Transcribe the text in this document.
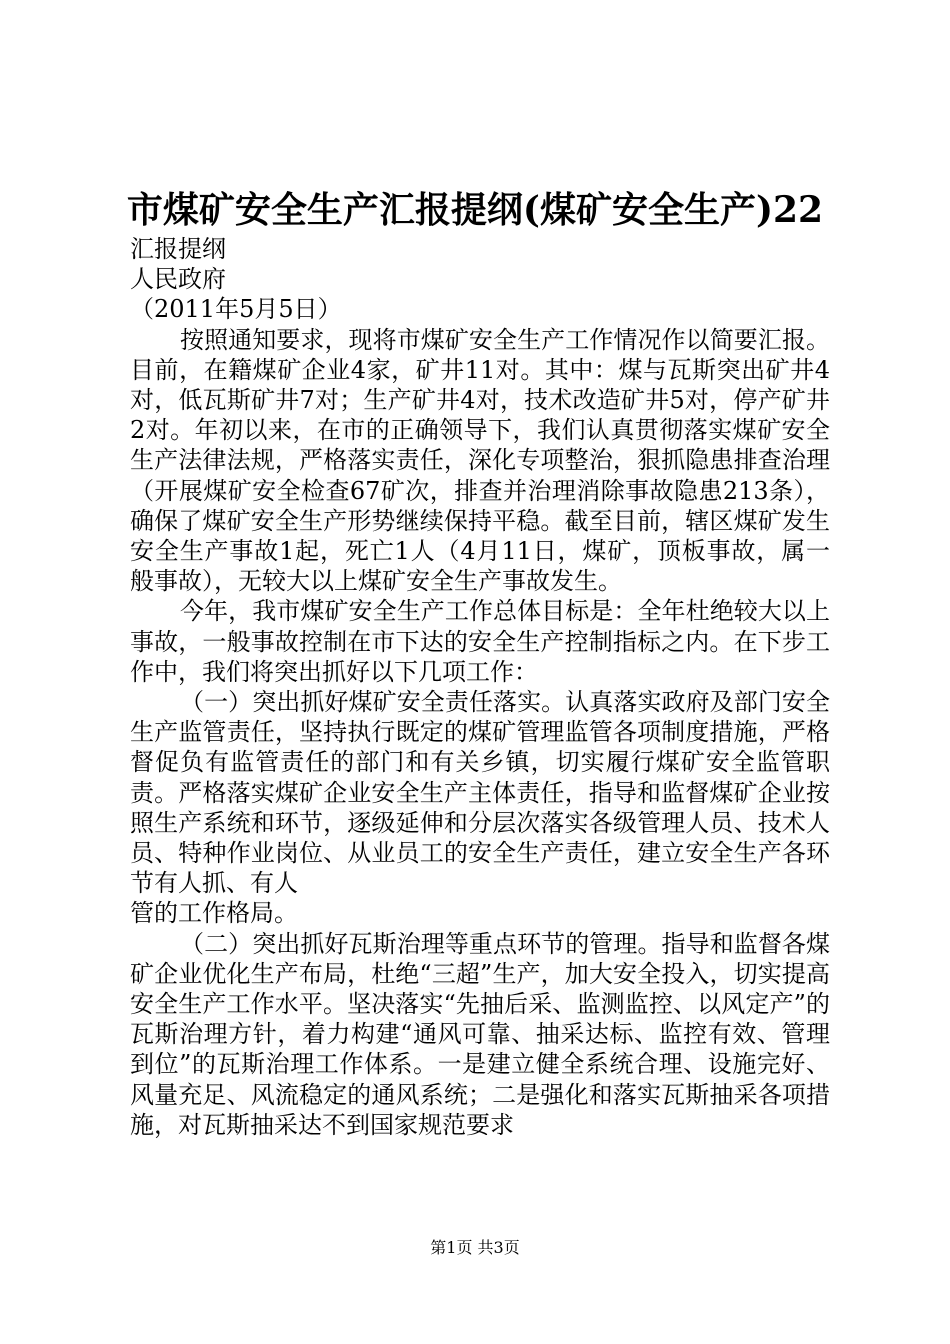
市煤矿安全生产汇报提纲(煤矿安全生产)22

汇报提纲

人民政府

（2011年5月5日）

按照通知要求，现将市煤矿安全生产工作情况作以简要汇报。目前，在籍煤矿企业4家，矿井11对。其中：煤与瓦斯突出矿井4对，低瓦斯矿井7对；生产矿井4对，技术改造矿井5对，停产矿井2对。年初以来，在市的正确领导下，我们认真贯彻落实煤矿安全生产法律法规，严格落实责任，深化专项整治，狠抓隐患排查治理（开展煤矿安全检查67矿次，排查并治理消除事故隐患213条），确保了煤矿安全生产形势继续保持平稳。截至目前，辖区煤矿发生安全生产事故1起，死亡1人（4月11日，煤矿，顶板事故，属一般事故），无较大以上煤矿安全生产事故发生。

今年，我市煤矿安全生产工作总体目标是：全年杜绝较大以上事故，一般事故控制在市下达的安全生产控制指标之内。在下步工作中，我们将突出抓好以下几项工作：

（一）突出抓好煤矿安全责任落实。认真落实政府及部门安全生产监管责任，坚持执行既定的煤矿管理监管各项制度措施，严格督促负有监管责任的部门和有关乡镇，切实履行煤矿安全监管职责。严格落实煤矿企业安全生产主体责任，指导和监督煤矿企业按照生产系统和环节，逐级延伸和分层次落实各级管理人员、技术人员、特种作业岗位、从业员工的安全生产责任，建立安全生产各环节有人抓、有人

管的工作格局。

（二）突出抓好瓦斯治理等重点环节的管理。指导和监督各煤矿企业优化生产布局，杜绝“三超”生产，加大安全投入，切实提高安全生产工作水平。坚决落实“先抽后采、监测监控、以风定产”的瓦斯治理方针，着力构建“通风可靠、抽采达标、监控有效、管理到位”的瓦斯治理工作体系。一是建立健全系统合理、设施完好、风量充足、风流稳定的通风系统；二是强化和落实瓦斯抽采各项措施，对瓦斯抽采达不到国家规范要求

第1页 共3页
